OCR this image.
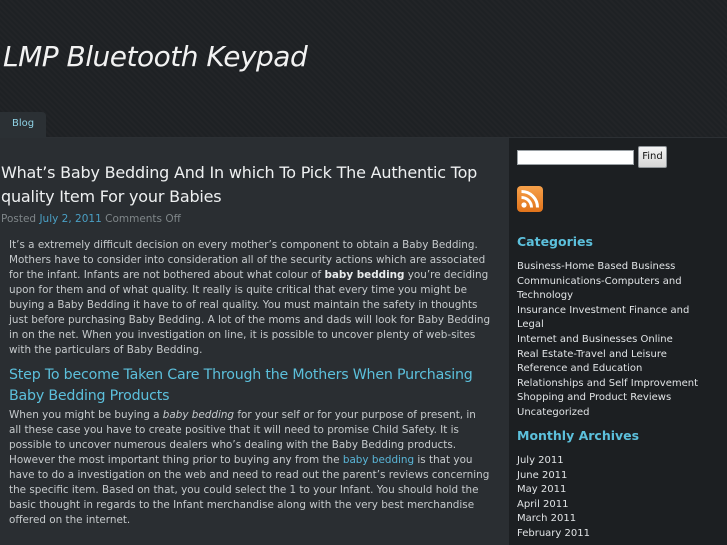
LMP Bluetooth Keypad
Blog
What’s Baby Bedding And In which To Pick The Authentic Top quality Item For your Babies
Posted July 2, 2011 Comments Off

It’s a extremely difficult decision on every mother’s component to obtain a Baby Bedding. Mothers have to consider into consideration all of the security actions which are associated for the infant. Infants are not bothered about what colour of baby bedding you’re deciding upon for them and of what quality. It really is quite critical that every time you might be buying a Baby Bedding it have to of real quality. You must maintain the safety in thoughts just before purchasing Baby Bedding. A lot of the moms and dads will look for Baby Bedding in on the net. When you investigation on line, it is possible to uncover plenty of web-sites with the particulars of Baby Bedding.

Step To become Taken Care Through the Mothers When Purchasing Baby Bedding Products

When you might be buying a baby bedding for your self or for your purpose of present, in all these case you have to create positive that it will need to promise Child Safety. It is possible to uncover numerous dealers who’s dealing with the Baby Bedding products. However the most important thing prior to buying any from the baby bedding is that you have to do a investigation on the web and need to read out the parent’s reviews concerning the specific item. Based on that, you could select the 1 to your Infant. You should hold the basic thought in regards to the Infant merchandise along with the very best merchandise offered on the internet.

Find
Categories
Business-Home Based Business
Communications-Computers and Technology
Insurance Investment Finance and Legal
Internet and Businesses Online
Real Estate-Travel and Leisure
Reference and Education
Relationships and Self Improvement
Shopping and Product Reviews
Uncategorized
Monthly Archives
July 2011
June 2011
May 2011
April 2011
March 2011
February 2011
